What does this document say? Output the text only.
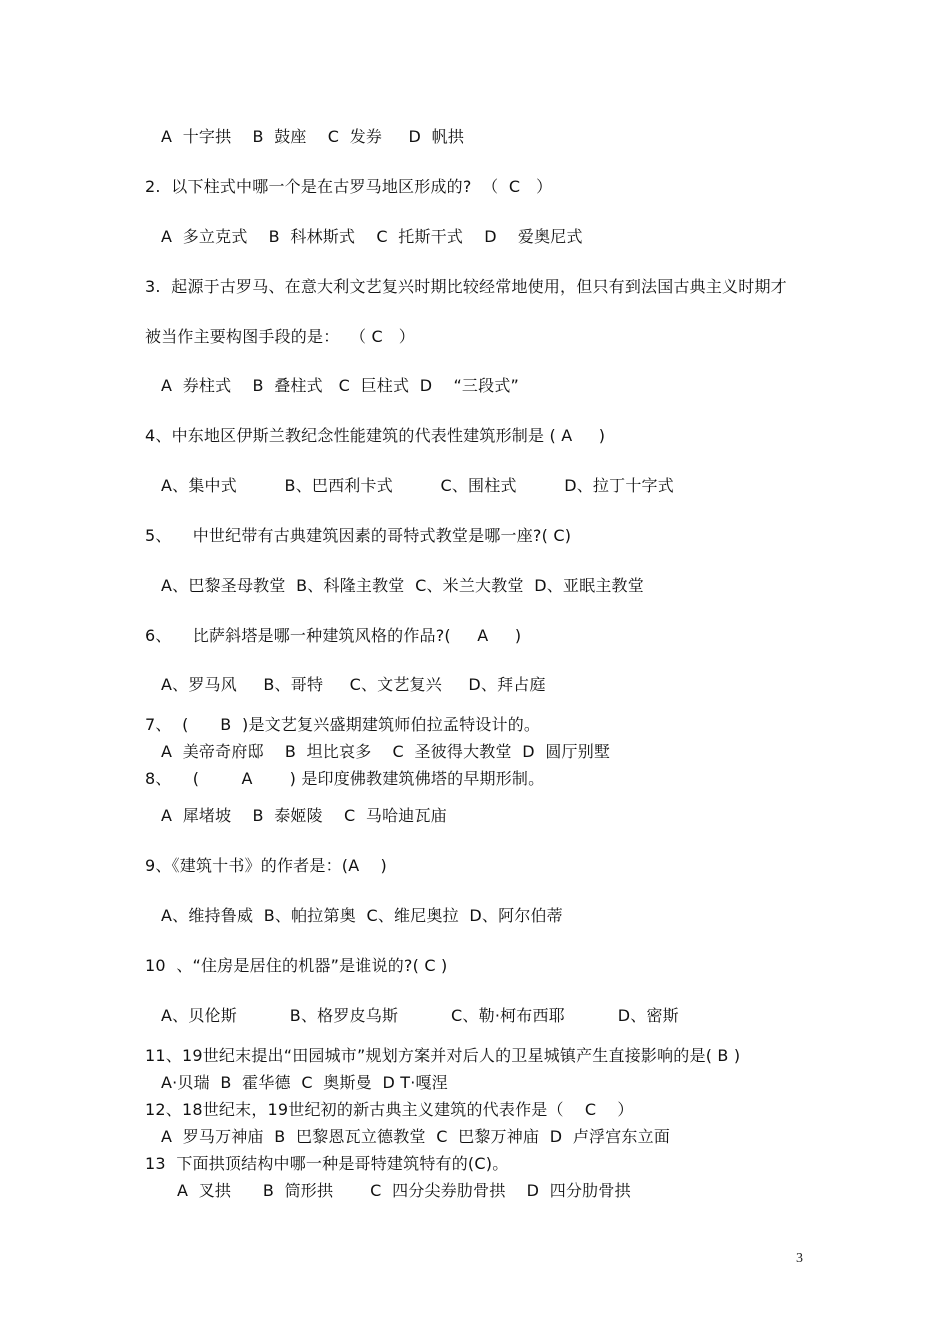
A  十字拱    B  鼓座    C  发券     D  帆拱
2.  以下柱式中哪一个是在古罗马地区形成的?  （  C   ）
A  多立克式    B  科林斯式    C  托斯干式    D    爱奥尼式
3.  起源于古罗马、在意大利文艺复兴时期比较经常地使用，但只有到法国古典主义时期才
被当作主要构图手段的是：  （ C   ）
A  券柱式    B  叠柱式   C  巨柱式  D    “三段式”
4、中东地区伊斯兰教纪念性能建筑的代表性建筑形制是 ( A     )
A、集中式         B、巴西利卡式         C、围柱式         D、拉丁十字式
5、    中世纪带有古典建筑因素的哥特式教堂是哪一座?( C)
A、巴黎圣母教堂  B、科隆主教堂  C、米兰大教堂  D、亚眠主教堂
6、    比萨斜塔是哪一种建筑风格的作品?(     A     )
A、罗马风     B、哥特     C、文艺复兴     D、拜占庭
7、  (      B  )是文艺复兴盛期建筑师伯拉孟特设计的。
A  美帝奇府邸    B  坦比哀多    C  圣彼得大教堂  D  圆厅别墅
8、    (        A       ) 是印度佛教建筑佛塔的早期形制。
A  犀堵坡    B  泰姬陵    C  马哈迪瓦庙
9、《建筑十书》的作者是：(A    )
A、维持鲁威  B、帕拉第奥  C、维尼奥拉  D、阿尔伯蒂
10  、“住房是居住的机器”是谁说的?( C )
A、贝伦斯          B、格罗皮乌斯          C、勒·柯布西耶          D、密斯
11、19世纪末提出“田园城市”规划方案并对后人的卫星城镇产生直接影响的是( B )
A·贝瑞  B  霍华德  C  奥斯曼  D T·嘎涅
12、18世纪末，19世纪初的新古典主义建筑的代表作是（    C    ）
A  罗马万神庙  B  巴黎恩瓦立德教堂  C  巴黎万神庙  D  卢浮宫东立面
13  下面拱顶结构中哪一种是哥特建筑特有的(C)。
A  叉拱      B  筒形拱       C  四分尖券肋骨拱    D  四分肋骨拱
3
